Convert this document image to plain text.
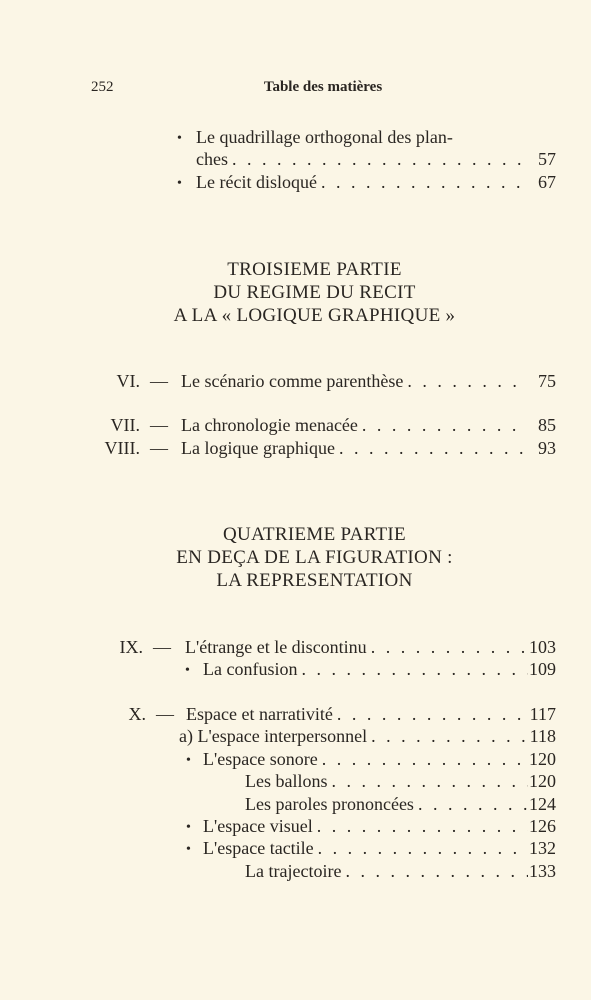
252	Table des matières
• Le quadrillage orthogonal des plan-
ches . . .	57
• Le récit disloqué . . .	67
TROISIEME PARTIE
DU REGIME DU RECIT
A LA « LOGIQUE GRAPHIQUE »
VI. — Le scénario comme parenthèse . . .	75
VII. — La chronologie menacée . . .	85
VIII. — La logique graphique . . .	93
QUATRIEME PARTIE
EN DEÇA DE LA FIGURATION :
LA REPRESENTATION
IX. — L'étrange et le discontinu . . .	103
• La confusion . . .	109
X. — Espace et narrativité . . .	117
a) L'espace interpersonnel . . .	118
• L'espace sonore . . .	120
Les ballons . . .	120
Les paroles prononcées . . .	124
• L'espace visuel . . .	126
• L'espace tactile . . .	132
La trajectoire . . .	133
